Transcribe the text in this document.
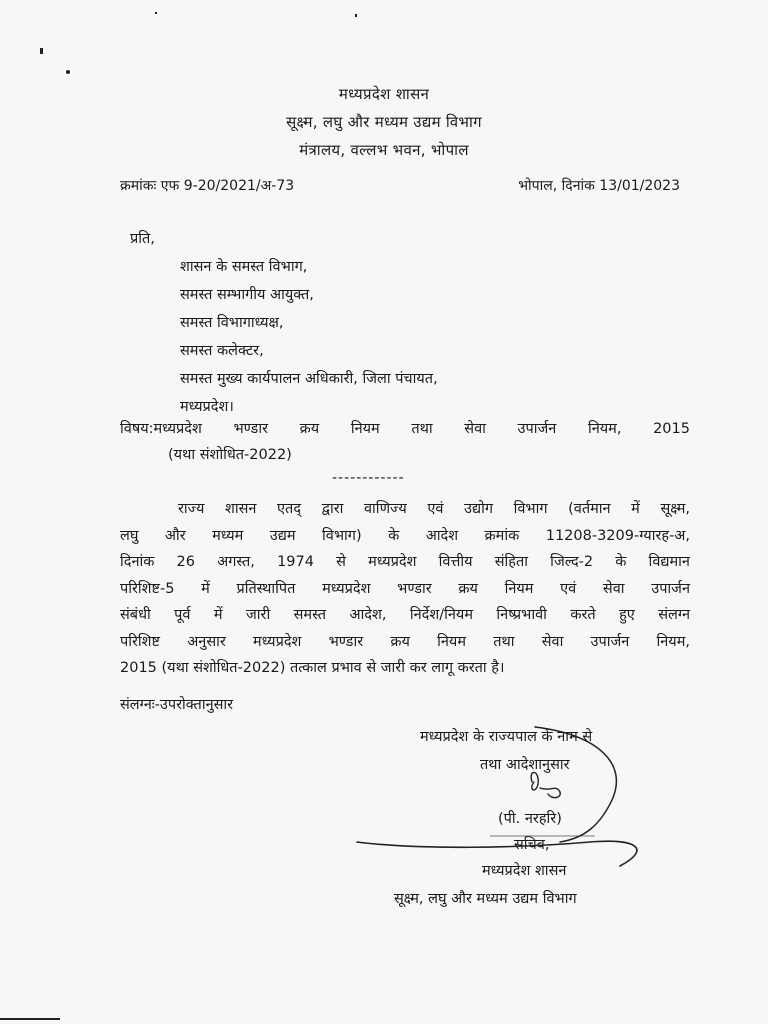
मध्यप्रदेश शासन
सूक्ष्म, लघु और मध्यम उद्यम विभाग
मंत्रालय, वल्लभ भवन, भोपाल
क्रमांकः एफ 9-20/2021/अ-73	भोपाल, दिनांक 13/01/2023
प्रति,
शासन के समस्त विभाग,
समस्त सम्भागीय आयुक्त,
समस्त विभागाध्यक्ष,
समस्त कलेक्टर,
समस्त मुख्य कार्यपालन अधिकारी, जिला पंचायत,
मध्यप्रदेश।
विषय:मध्यप्रदेश भण्डार क्रय नियम तथा सेवा उपार्जन नियम, 2015
(यथा संशोधित-2022)
------------

राज्य शासन एतद् द्वारा वाणिज्य एवं उद्योग विभाग (वर्तमान में सूक्ष्म,

लघु और मध्यम उद्यम विभाग) के आदेश क्रमांक 11208-3209-ग्यारह-अ,

दिनांक 26 अगस्त, 1974 से मध्यप्रदेश वित्तीय संहिता जिल्द-2 के विद्यमान

परिशिष्ट-5 में प्रतिस्थापित मध्यप्रदेश भण्डार क्रय नियम एवं सेवा उपार्जन

संबंधी पूर्व में जारी समस्त आदेश, निर्देश/नियम निष्प्रभावी करते हुए संलग्न

परिशिष्ट अनुसार मध्यप्रदेश भण्डार क्रय नियम तथा सेवा उपार्जन नियम,

2015 (यथा संशोधित-2022) तत्काल प्रभाव से जारी कर लागू करता है।

संलग्नः-उपरोक्तानुसार
मध्यप्रदेश के राज्यपाल के नाम से
तथा आदेशानुसार
(पी. नरहरि)
सचिव,
मध्यप्रदेश शासन
सूक्ष्म, लघु और मध्यम उद्यम विभाग
